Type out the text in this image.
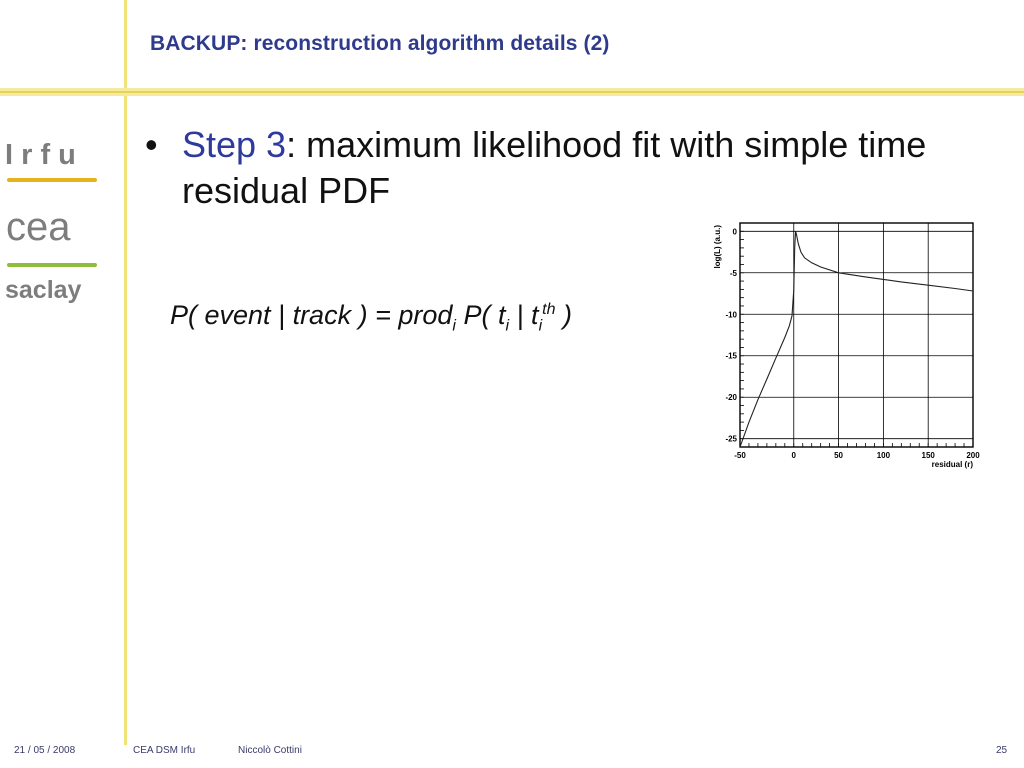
BACKUP: reconstruction algorithm details (2)
I r f u
cea
saclay
• Step 3: maximum likelihood fit with simple time residual PDF
P( event | track ) = prod$_i$ P( $t_i$ | $t_i^{th}$ )
-50	0	50	100	150	200
0
-5
-10
-15
-20
-25
residual (r)
log(L) (a.u.)
21 / 05 / 2008	CEA DSM Irfu	Niccolò Cottini	25
